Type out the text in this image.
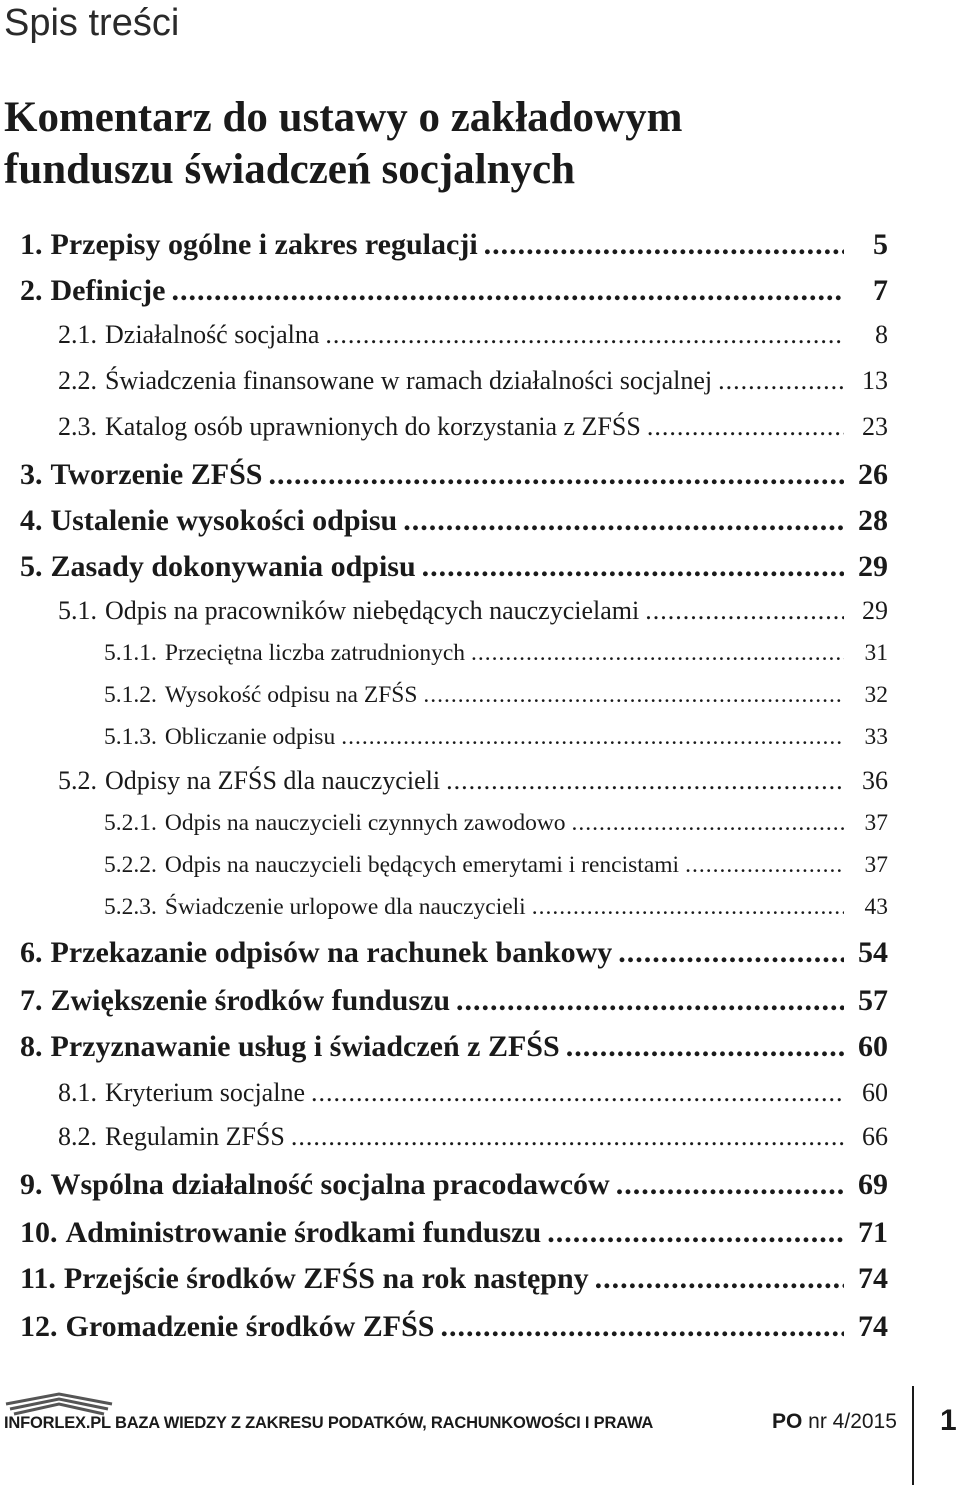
Spis treści
Komentarz do ustawy o zakładowym
funduszu świadczeń socjalnych
1. Przepisy ogólne i zakres regulacji .....	5
2. Definicje .....	7
2.1. Działalność socjalna .....	8
2.2. Świadczenia finansowane w ramach działalności socjalnej .....	13
2.3. Katalog osób uprawnionych do korzystania z ZFŚS .....	23
3. Tworzenie ZFŚS .....	26
4. Ustalenie wysokości odpisu .....	28
5. Zasady dokonywania odpisu .....	29
5.1. Odpis na pracowników niebędących nauczycielami .....	29
5.1.1. Przeciętna liczba zatrudnionych .....	31
5.1.2. Wysokość odpisu na ZFŚS .....	32
5.1.3. Obliczanie odpisu .....	33
5.2. Odpisy na ZFŚS dla nauczycieli .....	36
5.2.1. Odpis na nauczycieli czynnych zawodowo .....	37
5.2.2. Odpis na nauczycieli będących emerytami i rencistami .....	37
5.2.3. Świadczenie urlopowe dla nauczycieli .....	43
6. Przekazanie odpisów na rachunek bankowy .....	54
7. Zwiększenie środków funduszu .....	57
8. Przyznawanie usług i świadczeń z ZFŚS .....	60
8.1. Kryterium socjalne .....	60
8.2. Regulamin ZFŚS .....	66
9. Wspólna działalność socjalna pracodawców .....	69
10. Administrowanie środkami funduszu .....	71
11. Przejście środków ZFŚS na rok następny .....	74
12. Gromadzenie środków ZFŚS .....	74
INFORLEX.PL BAZA WIEDZY Z ZAKRESU PODATKÓW, RACHUNKOWOŚCI I PRAWA	PO nr 4/2015 1
